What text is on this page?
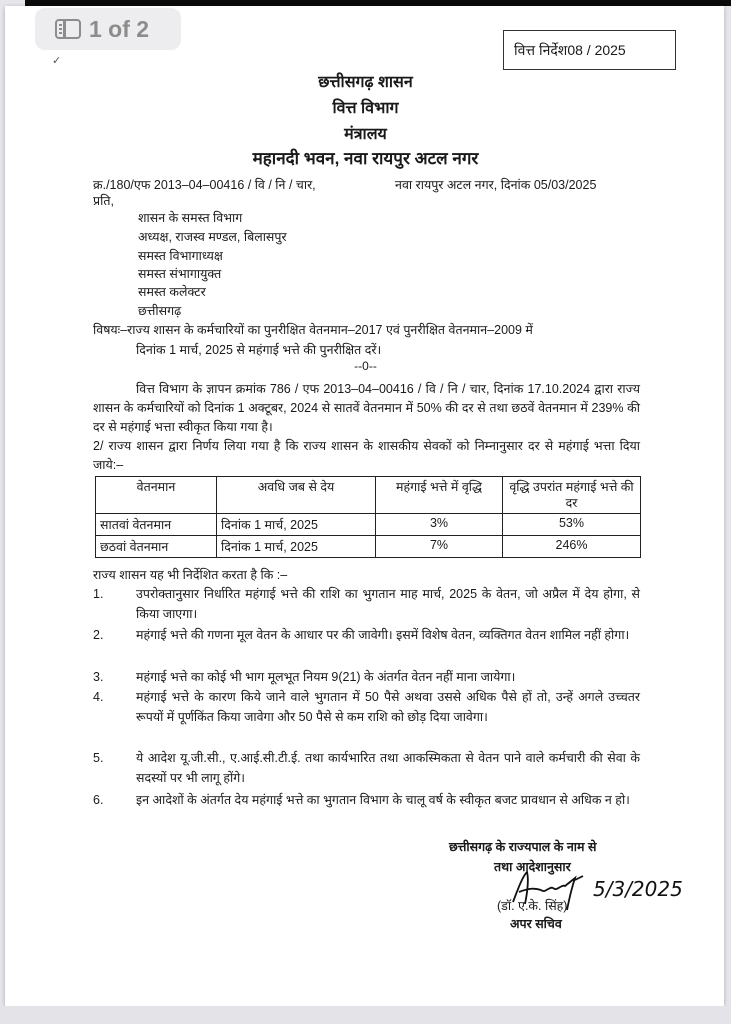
1 of 2
वित्त निर्देश08 / 2025
✓
छत्तीसगढ़ शासन
वित्त विभाग
मंत्रालय
महानदी भवन, नवा रायपुर अटल नगर
क्र./180/एफ 2013–04–00416 / वि / नि / चार,	नवा रायपुर अटल नगर, दिनांक 05/03/2025
प्रति,
शासन के समस्त विभाग
अध्यक्ष, राजस्व मण्डल, बिलासपुर
समस्त विभागाध्यक्ष
समस्त संभागायुक्त
समस्त कलेक्टर
छत्तीसगढ़
विषयः–राज्य शासन के कर्मचारियों का पुनरीक्षित वेतनमान–2017 एवं पुनरीक्षित वेतनमान–2009 में
दिनांक 1 मार्च, 2025 से महंगाई भत्ते की पुनरीक्षित दरें।
--0--
वित्त विभाग के ज्ञापन क्रमांक 786 / एफ 2013–04–00416 / वि / नि / चार, दिनांक 17.10.2024 द्वारा राज्य शासन के कर्मचारियों को दिनांक 1 अक्टूबर, 2024 से सातवें वेतनमान में 50% की दर से तथा छठवें वेतनमान में 239% की दर से महंगाई भत्ता स्वीकृत किया गया है।
2/ राज्य शासन द्वारा निर्णय लिया गया है कि राज्य शासन के शासकीय सेवकों को निम्नानुसार दर से महंगाई भत्ता दिया जाये:–
वेतनमान	अवधि जब से देय	महंगाई भत्ते में वृद्धि	वृद्धि उपरांत महंगाई भत्ते की दर
सातवां वेतनमान	दिनांक 1 मार्च, 2025	3%	53%
छठवां वेतनमान	दिनांक 1 मार्च, 2025	7%	246%
राज्य शासन यह भी निर्देशित करता है कि :–
1.	उपरोक्तानुसार निर्धारित महंगाई भत्ते की राशि का भुगतान माह मार्च, 2025 के वेतन, जो अप्रैल में देय होगा, से किया जाएगा।
2.	महंगाई भत्ते की गणना मूल वेतन के आधार पर की जावेगी। इसमें विशेष वेतन, व्यक्तिगत वेतन शामिल नहीं होगा।
3.	महंगाई भत्ते का कोई भी भाग मूलभूत नियम 9(21) के अंतर्गत वेतन नहीं माना जायेगा।
4.	महंगाई भत्ते के कारण किये जाने वाले भुगतान में 50 पैसे अथवा उससे अधिक पैसे हों तो, उन्हें अगले उच्चतर रूपयों में पूर्णकिंत किया जावेगा और 50 पैसे से कम राशि को छोड़ दिया जावेगा।
5.	ये आदेश यू.जी.सी., ए.आई.सी.टी.ई. तथा कार्यभारित तथा आकस्मिकता से वेतन पाने वाले कर्मचारी की सेवा के सदस्यों पर भी लागू होंगे।
6.	इन आदेशों के अंतर्गत देय महंगाई भत्ते का भुगतान विभाग के चालू वर्ष के स्वीकृत बजट प्रावधान से अधिक न हो।
छत्तीसगढ़ के राज्यपाल के नाम से
तथा आदेशानुसार
5/3/2025
(डॉ. ए.के. सिंह)
अपर सचिव
